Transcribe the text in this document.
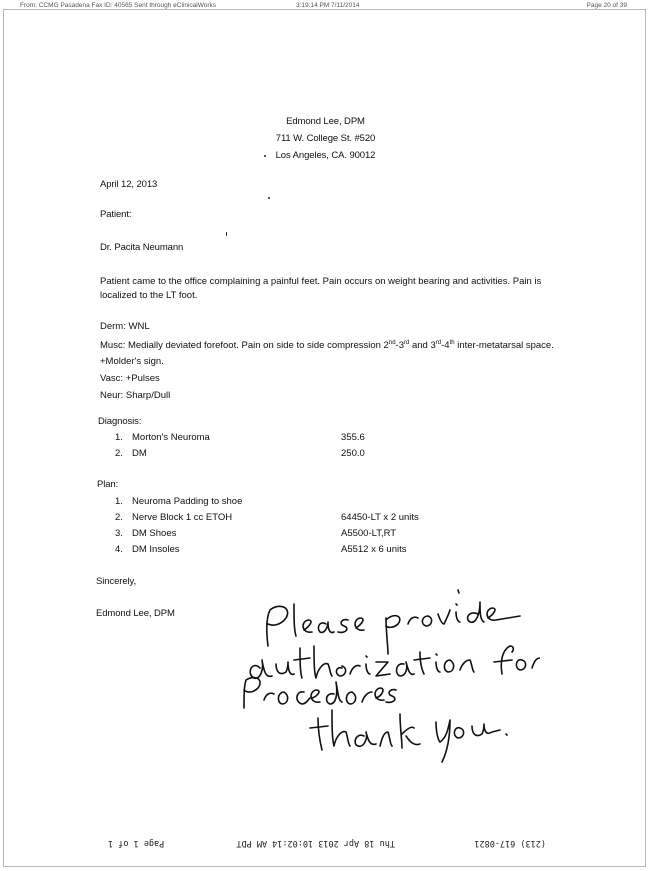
From: CCMG Pasadena Fax ID: 40565 Sent through eClinicalWorks	3:19:14 PM 7/11/2014	Page 20 of 39
Edmond Lee, DPM
711 W. College St. #520
Los Angeles, CA. 90012
April 12, 2013
Patient:
Dr. Pacita Neumann
Patient came to the office complaining a painful feet. Pain occurs on weight bearing and activities. Pain is localized to the LT foot.
Derm: WNL
Musc: Medially deviated forefoot. Pain on side to side compression 2nd-3rd and 3rd-4th inter-metatarsal space. +Molder's sign.
Vasc: +Pulses
Neur: Sharp/Dull
Diagnosis:
1. Morton's Neuroma	355.6
2. DM	250.0
Plan:
1. Neuroma Padding to shoe
2. Nerve Block 1 cc ETOH	64450-LT x 2 units
3. DM Shoes	A5500-LT,RT
4. DM Insoles	A5512 x 6 units
Sincerely,
Edmond Lee, DPM
(213) 617-0821
Thu 18 Apr 2013 10:02:14 AM PDT
Page 1 of 1
